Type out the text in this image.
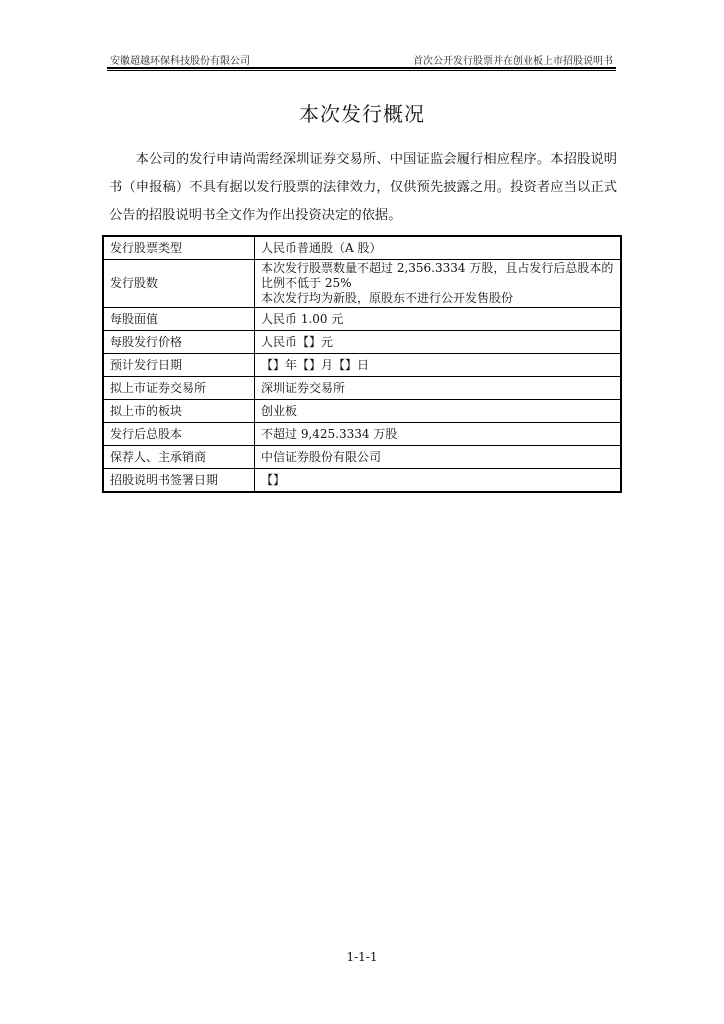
安徽超越环保科技股份有限公司	首次公开发行股票并在创业板上市招股说明书
本次发行概况
本公司的发行申请尚需经深圳证券交易所、中国证监会履行相应程序。本招股说明书（申报稿）不具有据以发行股票的法律效力，仅供预先披露之用。投资者应当以正式公告的招股说明书全文作为作出投资决定的依据。
发行股票类型	人民币普通股（A 股）
发行股数	本次发行股票数量不超过 2,356.3334 万股，且占发行后总股本的
比例不低于 25%
本次发行均为新股，原股东不进行公开发售股份

每股面值	人民币 1.00 元
每股发行价格	人民币【】元
预计发行日期	【】年【】月【】日
拟上市证券交易所	深圳证券交易所
拟上市的板块	创业板
发行后总股本	不超过 9,425.3334 万股
保荐人、主承销商	中信证券股份有限公司
招股说明书签署日期	【】
1-1-1
